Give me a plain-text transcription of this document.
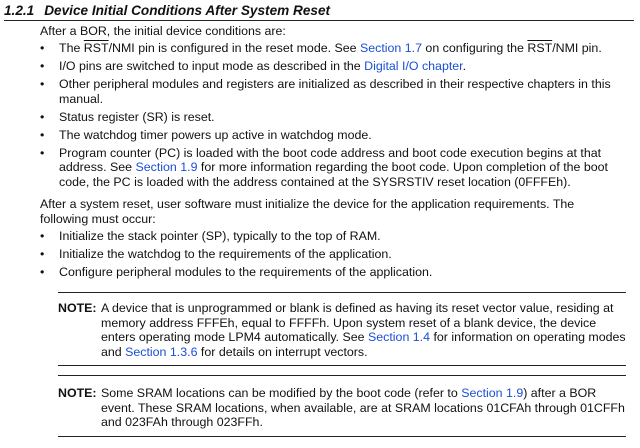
1.2.1 Device Initial Conditions After System Reset
After a BOR, the initial device conditions are:
• The $\overline{RST}$/NMI pin is configured in the reset mode. See Section 1.7 on configuring the $\overline{RST}$/NMI pin.
• I/O pins are switched to input mode as described in the Digital I/O chapter.
• Other peripheral modules and registers are initialized as described in their respective chapters in this manual.
• Status register (SR) is reset.
• The watchdog timer powers up active in watchdog mode.
• Program counter (PC) is loaded with the boot code address and boot code execution begins at that address. See Section 1.9 for more information regarding the boot code. Upon completion of the boot code, the PC is loaded with the address contained at the SYSRSTIV reset location (0FFFEh).
After a system reset, user software must initialize the device for the application requirements. The following must occur:
• Initialize the stack pointer (SP), typically to the top of RAM.
• Initialize the watchdog to the requirements of the application.
• Configure peripheral modules to the requirements of the application.
NOTE: A device that is unprogrammed or blank is defined as having its reset vector value, residing at memory address FFFEh, equal to FFFFh. Upon system reset of a blank device, the device enters operating mode LPM4 automatically. See Section 1.4 for information on operating modes and Section 1.3.6 for details on interrupt vectors.
NOTE: Some SRAM locations can be modified by the boot code (refer to Section 1.9) after a BOR event. These SRAM locations, when available, are at SRAM locations 01CFAh through 01CFFh and 023FAh through 023FFh.
